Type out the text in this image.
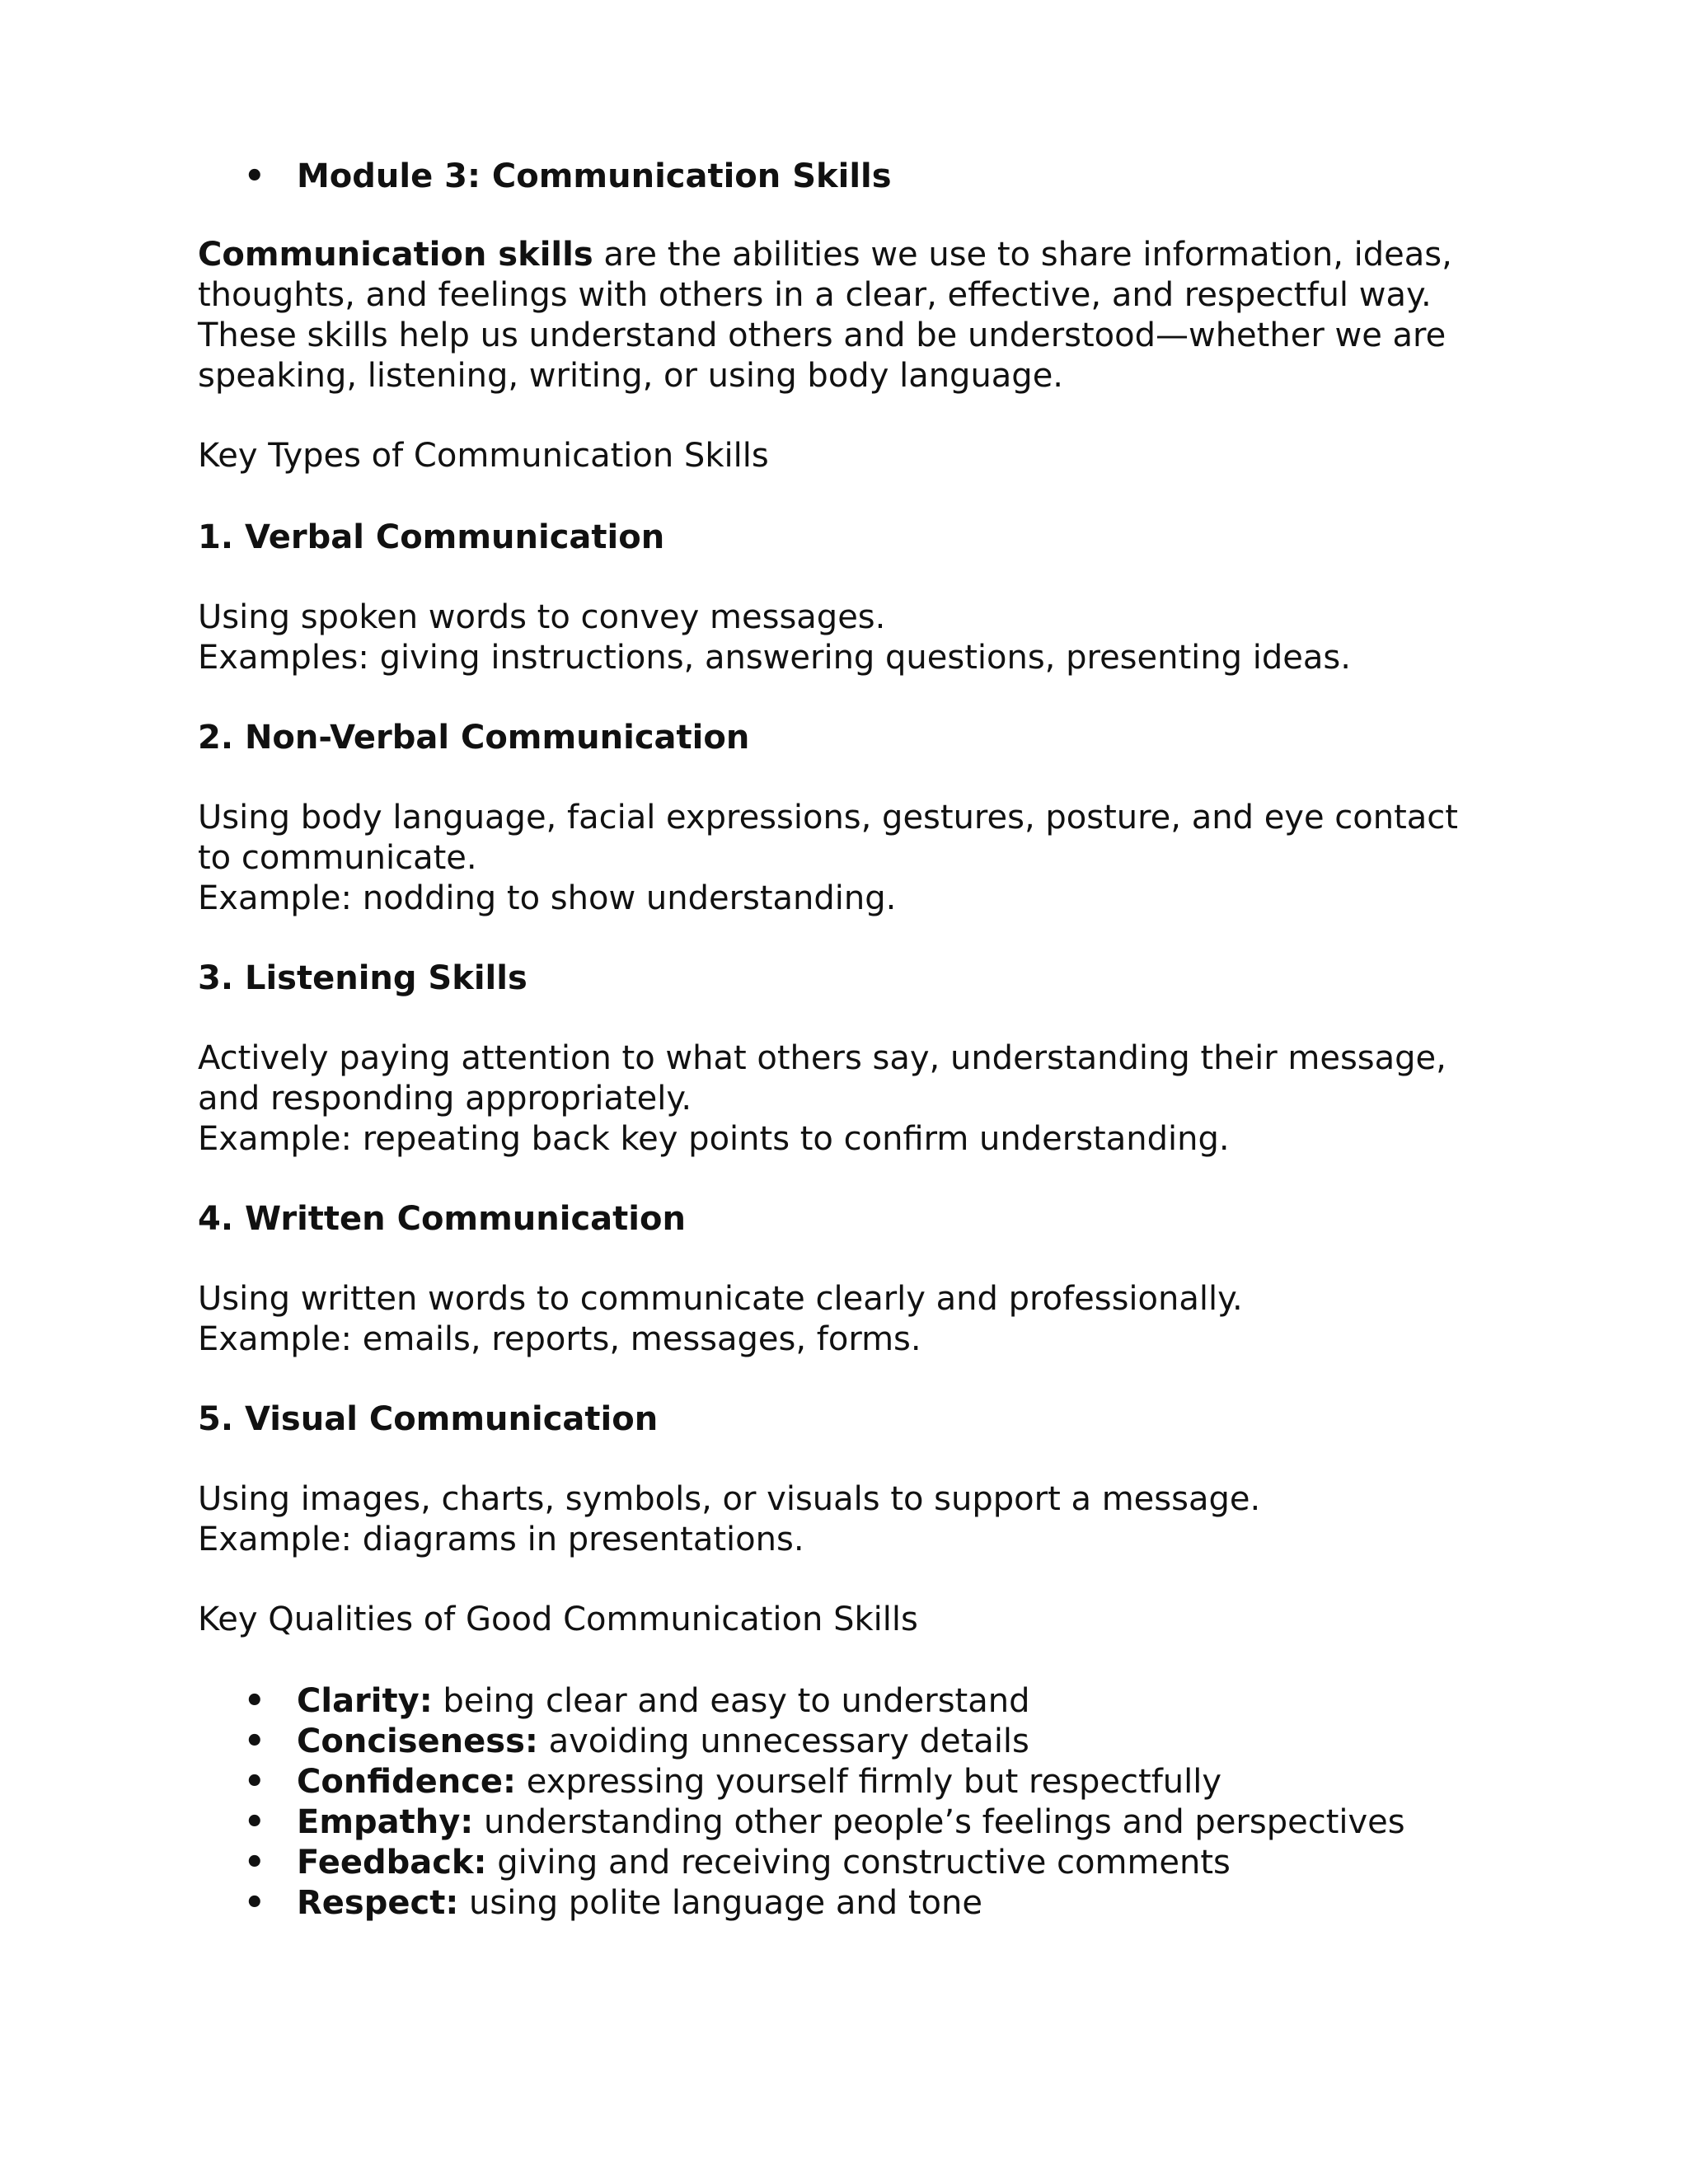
• Module 3: Communication Skills

Communication skills are the abilities we use to share information, ideas, thoughts, and feelings with others in a clear, effective, and respectful way. These skills help us understand others and be understood—whether we are speaking, listening, writing, or using body language.

Key Types of Communication Skills

1. Verbal Communication

Using spoken words to convey messages.

Examples: giving instructions, answering questions, presenting ideas.

2. Non-Verbal Communication

Using body language, facial expressions, gestures, posture, and eye contact to communicate.

Example: nodding to show understanding.

3. Listening Skills

Actively paying attention to what others say, understanding their message, and responding appropriately.

Example: repeating back key points to confirm understanding.

4. Written Communication

Using written words to communicate clearly and professionally.

Example: emails, reports, messages, forms.

5. Visual Communication

Using images, charts, symbols, or visuals to support a message.

Example: diagrams in presentations.

Key Qualities of Good Communication Skills

• Clarity: being clear and easy to understand
• Conciseness: avoiding unnecessary details
• Confidence: expressing yourself firmly but respectfully
• Empathy: understanding other people’s feelings and perspectives
• Feedback: giving and receiving constructive comments
• Respect: using polite language and tone
